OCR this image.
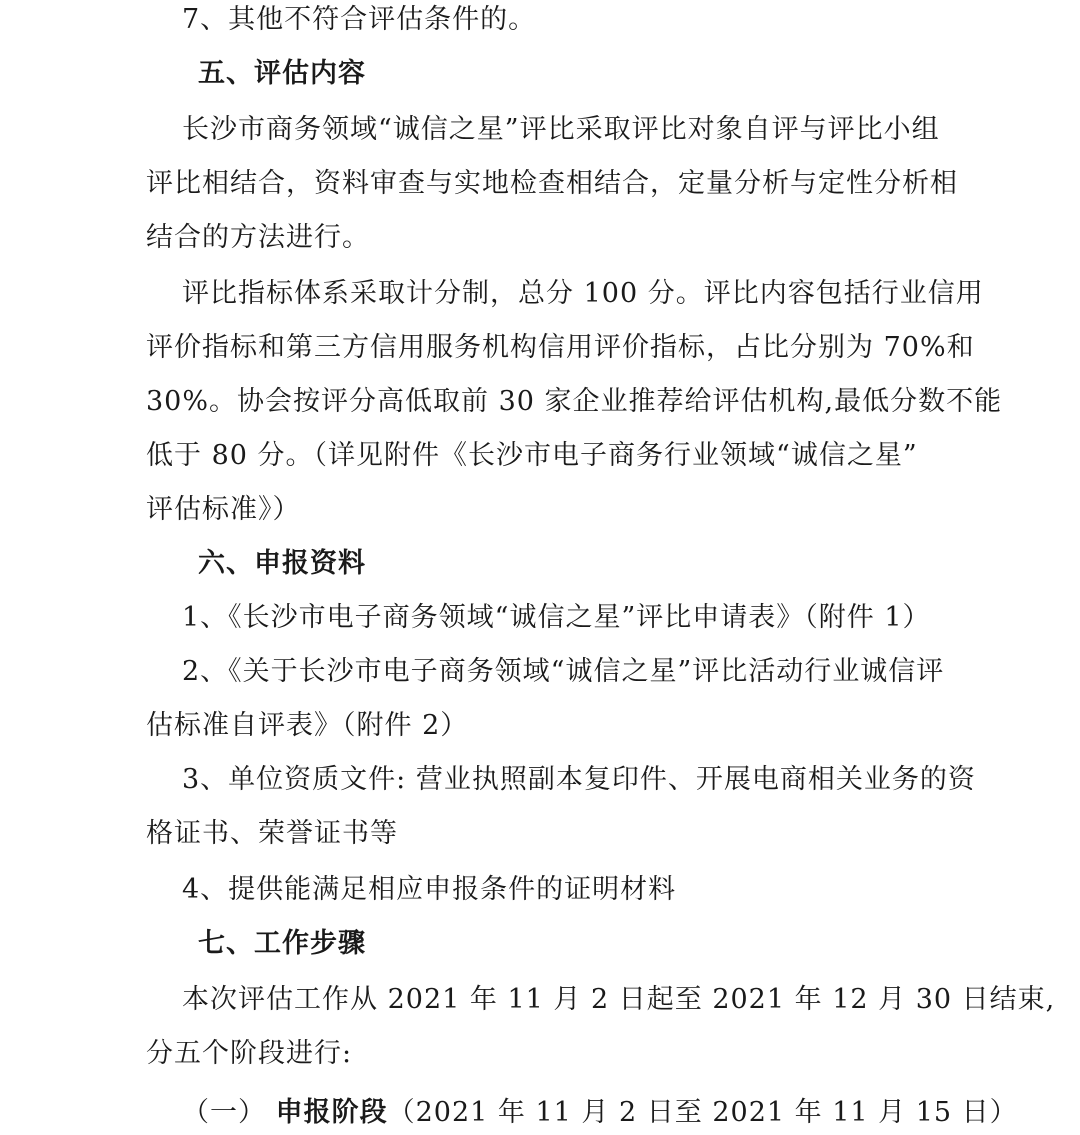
7、其他不符合评估条件的。
五、评估内容
长沙市商务领域“诚信之星”评比采取评比对象自评与评比小组
评比相结合，资料审查与实地检查相结合，定量分析与定性分析相
结合的方法进行。
评比指标体系采取计分制，总分 100 分。评比内容包括行业信用
评价指标和第三方信用服务机构信用评价指标，占比分别为 70%和
30%。协会按评分高低取前 30 家企业推荐给评估机构,最低分数不能
低于 80 分。（详见附件《长沙市电子商务行业领域“诚信之星”
评估标准》）
六、申报资料
1、《长沙市电子商务领域“诚信之星”评比申请表》（附件 1）
2、《关于长沙市电子商务领域“诚信之星”评比活动行业诚信评
估标准自评表》（附件 2）
3、单位资质文件: 营业执照副本复印件、开展电商相关业务的资
格证书、荣誉证书等
4、提供能满足相应申报条件的证明材料
七、工作步骤
本次评估工作从 2021 年 11 月 2 日起至 2021 年 12 月 30 日结束,
分五个阶段进行:
（一） 申报阶段（2021 年 11 月 2 日至 2021 年 11 月 15 日）
